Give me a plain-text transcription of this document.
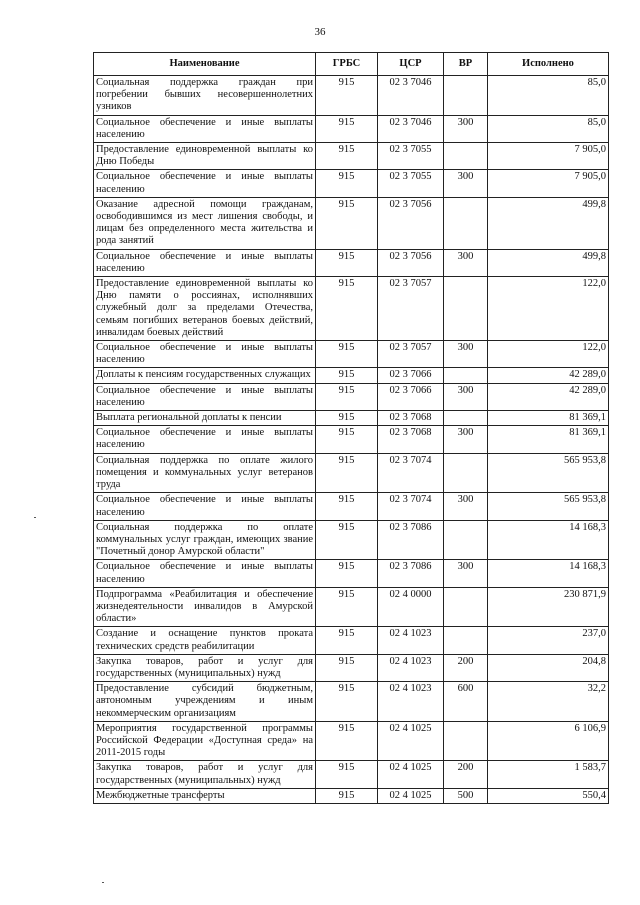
36
Наименование	ГРБС	ЦСР	ВР	Исполнено
Социальная поддержка граждан при погребении бывших несовершеннолетних узников	915	02 3 7046		85,0
Социальное обеспечение и иные выплаты населению	915	02 3 7046	300	85,0
Предоставление единовременной выплаты ко Дню Победы	915	02 3 7055		7 905,0
Социальное обеспечение и иные выплаты населению	915	02 3 7055	300	7 905,0
Оказание адресной помощи гражданам, освободившимся из мест лишения свободы, и лицам без определенного места жительства и рода занятий	915	02 3 7056		499,8
Социальное обеспечение и иные выплаты населению	915	02 3 7056	300	499,8
Предоставление единовременной выплаты ко Дню памяти о россиянах, исполнявших служебный долг за пределами Отечества, семьям погибших ветеранов боевых действий, инвалидам боевых действий	915	02 3 7057		122,0
Социальное обеспечение и иные выплаты населению	915	02 3 7057	300	122,0
Доплаты к пенсиям государственных служащих	915	02 3 7066		42 289,0
Социальное обеспечение и иные выплаты населению	915	02 3 7066	300	42 289,0
Выплата региональной доплаты к пенсии	915	02 3 7068		81 369,1
Социальное обеспечение и иные выплаты населению	915	02 3 7068	300	81 369,1
Социальная поддержка по оплате жилого помещения и коммунальных услуг ветеранов труда	915	02 3 7074		565 953,8
Социальное обеспечение и иные выплаты населению	915	02 3 7074	300	565 953,8
Социальная поддержка по оплате коммунальных услуг граждан, имеющих звание "Почетный донор Амурской области"	915	02 3 7086		14 168,3
Социальное обеспечение и иные выплаты населению	915	02 3 7086	300	14 168,3
Подпрограмма «Реабилитация и обеспечение жизнедеятельности инвалидов в Амурской области»	915	02 4 0000		230 871,9
Создание и оснащение пунктов проката технических средств реабилитации	915	02 4 1023		237,0
Закупка товаров, работ и услуг для государственных (муниципальных) нужд	915	02 4 1023	200	204,8
Предоставление субсидий бюджетным, автономным учреждениям и иным некоммерческим организациям	915	02 4 1023	600	32,2
Мероприятия государственной программы Российской Федерации «Доступная среда» на 2011-2015 годы	915	02 4 1025		6 106,9
Закупка товаров, работ и услуг для государственных (муниципальных) нужд	915	02 4 1025	200	1 583,7
Межбюджетные трансферты	915	02 4 1025	500	550,4
